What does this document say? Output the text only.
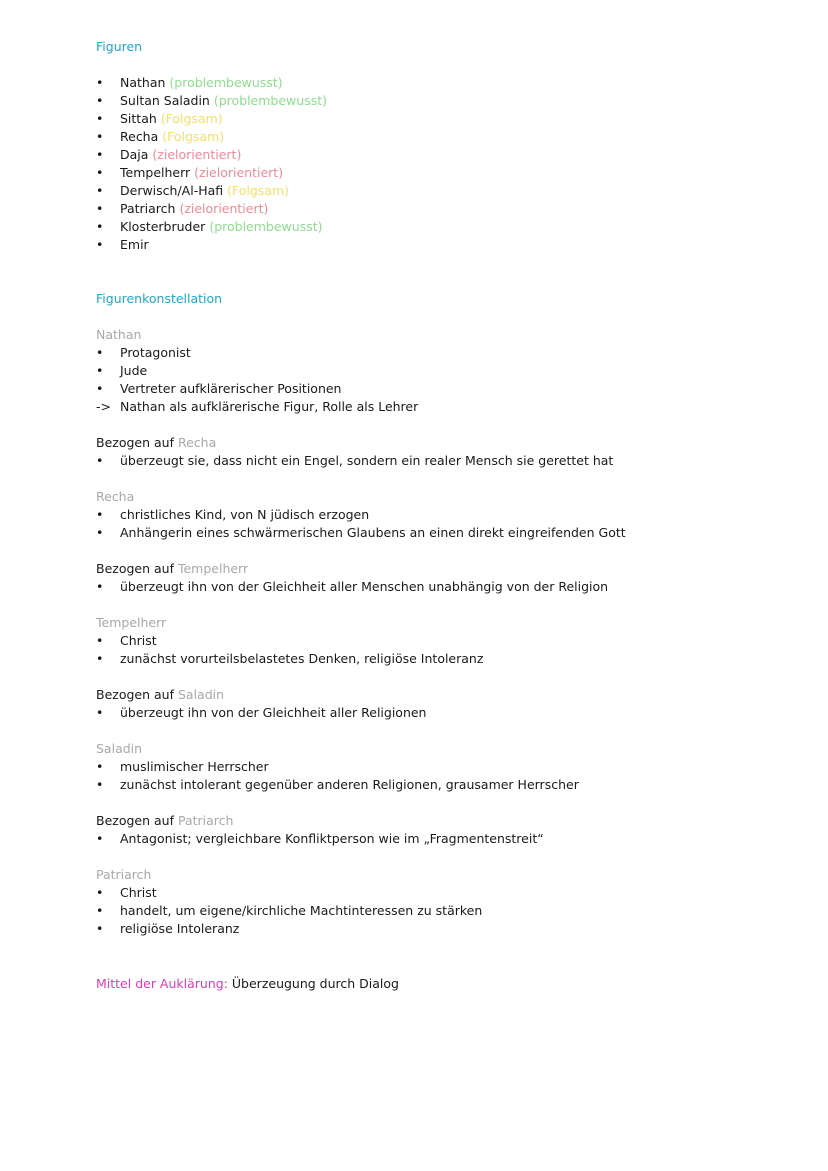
Figuren
• Nathan (problembewusst)
• Sultan Saladin (problembewusst)
• Sittah (Folgsam)
• Recha (Folgsam)
• Daja (zielorientiert)
• Tempelherr (zielorientiert)
• Derwisch/Al-Hafi (Folgsam)
• Patriarch (zielorientiert)
• Klosterbruder (problembewusst)
• Emir
Figurenkonstellation
Nathan
• Protagonist
• Jude
• Vertreter aufklärerischer Positionen
-> Nathan als aufklärerische Figur, Rolle als Lehrer
Bezogen auf Recha
• überzeugt sie, dass nicht ein Engel, sondern ein realer Mensch sie gerettet hat
Recha
• christliches Kind, von N jüdisch erzogen
• Anhängerin eines schwärmerischen Glaubens an einen direkt eingreifenden Gott
Bezogen auf Tempelherr
• überzeugt ihn von der Gleichheit aller Menschen unabhängig von der Religion
Tempelherr
• Christ
• zunächst vorurteilsbelastetes Denken, religiöse Intoleranz
Bezogen auf Saladin
• überzeugt ihn von der Gleichheit aller Religionen
Saladin
• muslimischer Herrscher
• zunächst intolerant gegenüber anderen Religionen, grausamer Herrscher
Bezogen auf Patriarch
• Antagonist; vergleichbare Konfliktperson wie im „Fragmentenstreit“
Patriarch
• Christ
• handelt, um eigene/kirchliche Machtinteressen zu stärken
• religiöse Intoleranz
Mittel der Auklärung: Überzeugung durch Dialog
